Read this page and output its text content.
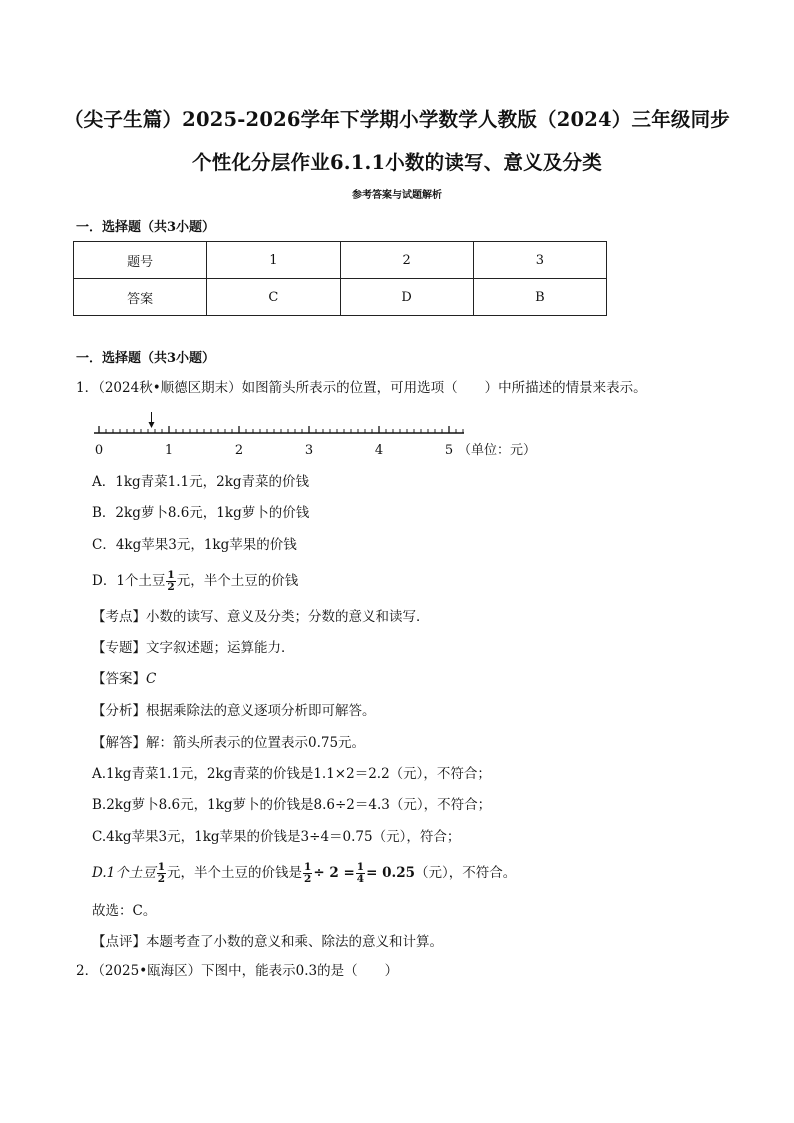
（尖子生篇）2025-2026学年下学期小学数学人教版（2024）三年级同步
个性化分层作业6.1.1小数的读写、意义及分类
参考答案与试题解析
一．选择题（共3小题）
题号	1	2	3
答案	C	D	B
一．选择题（共3小题）
1．（2024秋•顺德区期末）如图箭头所表示的位置，可用选项（　　）中所描述的情景来表示。
0	1	2	3	4	5 （单位：元）
A．1kg青菜1.1元，2kg青菜的价钱
B．2kg萝卜8.6元，1kg萝卜的价钱
C．4kg苹果3元，1kg苹果的价钱
D．1个土豆 $\frac{1}{2}$ 元，半个土豆的价钱
【考点】小数的读写、意义及分类；分数的意义和读写．
【专题】文字叙述题；运算能力．
【答案】C
【分析】根据乘除法的意义逐项分析即可解答。
【解答】解：箭头所表示的位置表示0.75元。
A.1kg青菜1.1元，2kg青菜的价钱是1.1×2＝2.2（元），不符合；
B.2kg萝卜8.6元，1kg萝卜的价钱是8.6÷2＝4.3（元），不符合；
C.4kg苹果3元，1kg苹果的价钱是3÷4＝0.75（元），符合；
D.1个土豆 $\frac{1}{2}$ 元，半个土豆的价钱是 $\frac{1}{2} \div 2 = \frac{1}{4} = 0.25$（元），不符合。
故选：C。
【点评】本题考查了小数的意义和乘、除法的意义和计算。
2．（2025•瓯海区）下图中，能表示0.3的是（　　）
